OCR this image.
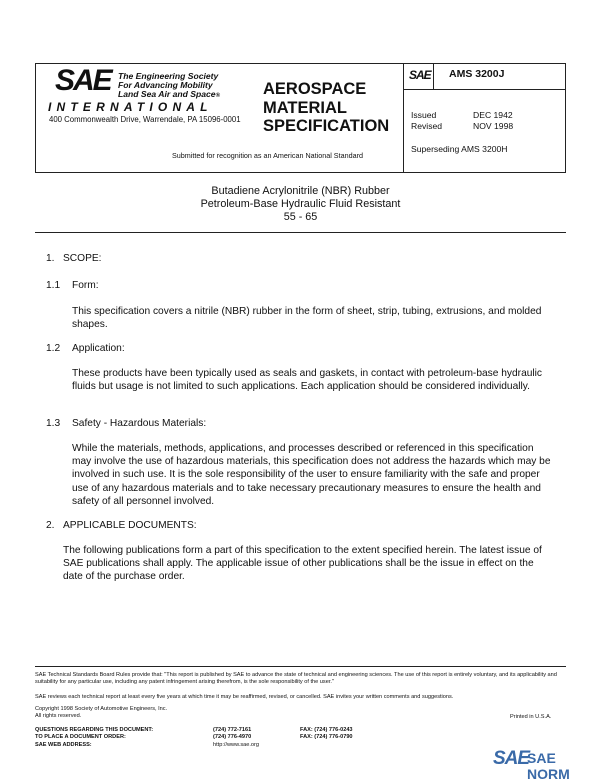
SAE The Engineering Society
For Advancing Mobility
Land Sea Air and Space®
INTERNATIONAL
400 Commonwealth Drive, Warrendale, PA 15096-0001
AEROSPACE
MATERIAL
SPECIFICATION
Submitted for recognition as an American National Standard
SAE AMS 3200J
Issued	DEC 1942
Revised	NOV 1998
Superseding AMS 3200H
Butadiene Acrylonitrile (NBR) Rubber
Petroleum-Base Hydraulic Fluid Resistant
55 - 65
1. SCOPE:
1.1 Form:
This specification covers a nitrile (NBR) rubber in the form of sheet, strip, tubing, extrusions, and molded shapes.
1.2 Application:
These products have been typically used as seals and gaskets, in contact with petroleum-base hydraulic fluids but usage is not limited to such applications. Each application should be considered individually.
1.3 Safety - Hazardous Materials:
While the materials, methods, applications, and processes described or referenced in this specification may involve the use of hazardous materials, this specification does not address the hazards which may be involved in such use. It is the sole responsibility of the user to ensure familiarity with the safe and proper use of any hazardous materials and to take necessary precautionary measures to ensure the health and safety of all personnel involved.
2. APPLICABLE DOCUMENTS:
The following publications form a part of this specification to the extent specified herein. The latest issue of SAE publications shall apply. The applicable issue of other publications shall be the issue in effect on the date of the purchase order.
SAE Technical Standards Board Rules provide that: "This report is published by SAE to advance the state of technical and engineering sciences. The use of this report is entirely voluntary, and its applicability and suitability for any particular use, including any patent infringement arising therefrom, is the sole responsibility of the user."
SAE reviews each technical report at least every five years at which time it may be reaffirmed, revised, or cancelled. SAE invites your written comments and suggestions.
Copyright 1998 Society of Automotive Engineers, Inc.
All rights reserved.	Printed in U.S.A.
QUESTIONS REGARDING THIS DOCUMENT:	(724) 772-7161	FAX: (724) 776-0243
TO PLACE A DOCUMENT ORDER:	(724) 776-4970	FAX: (724) 776-0790
SAE WEB ADDRESS:	http://www.sae.org
SAE
SAE NORM
